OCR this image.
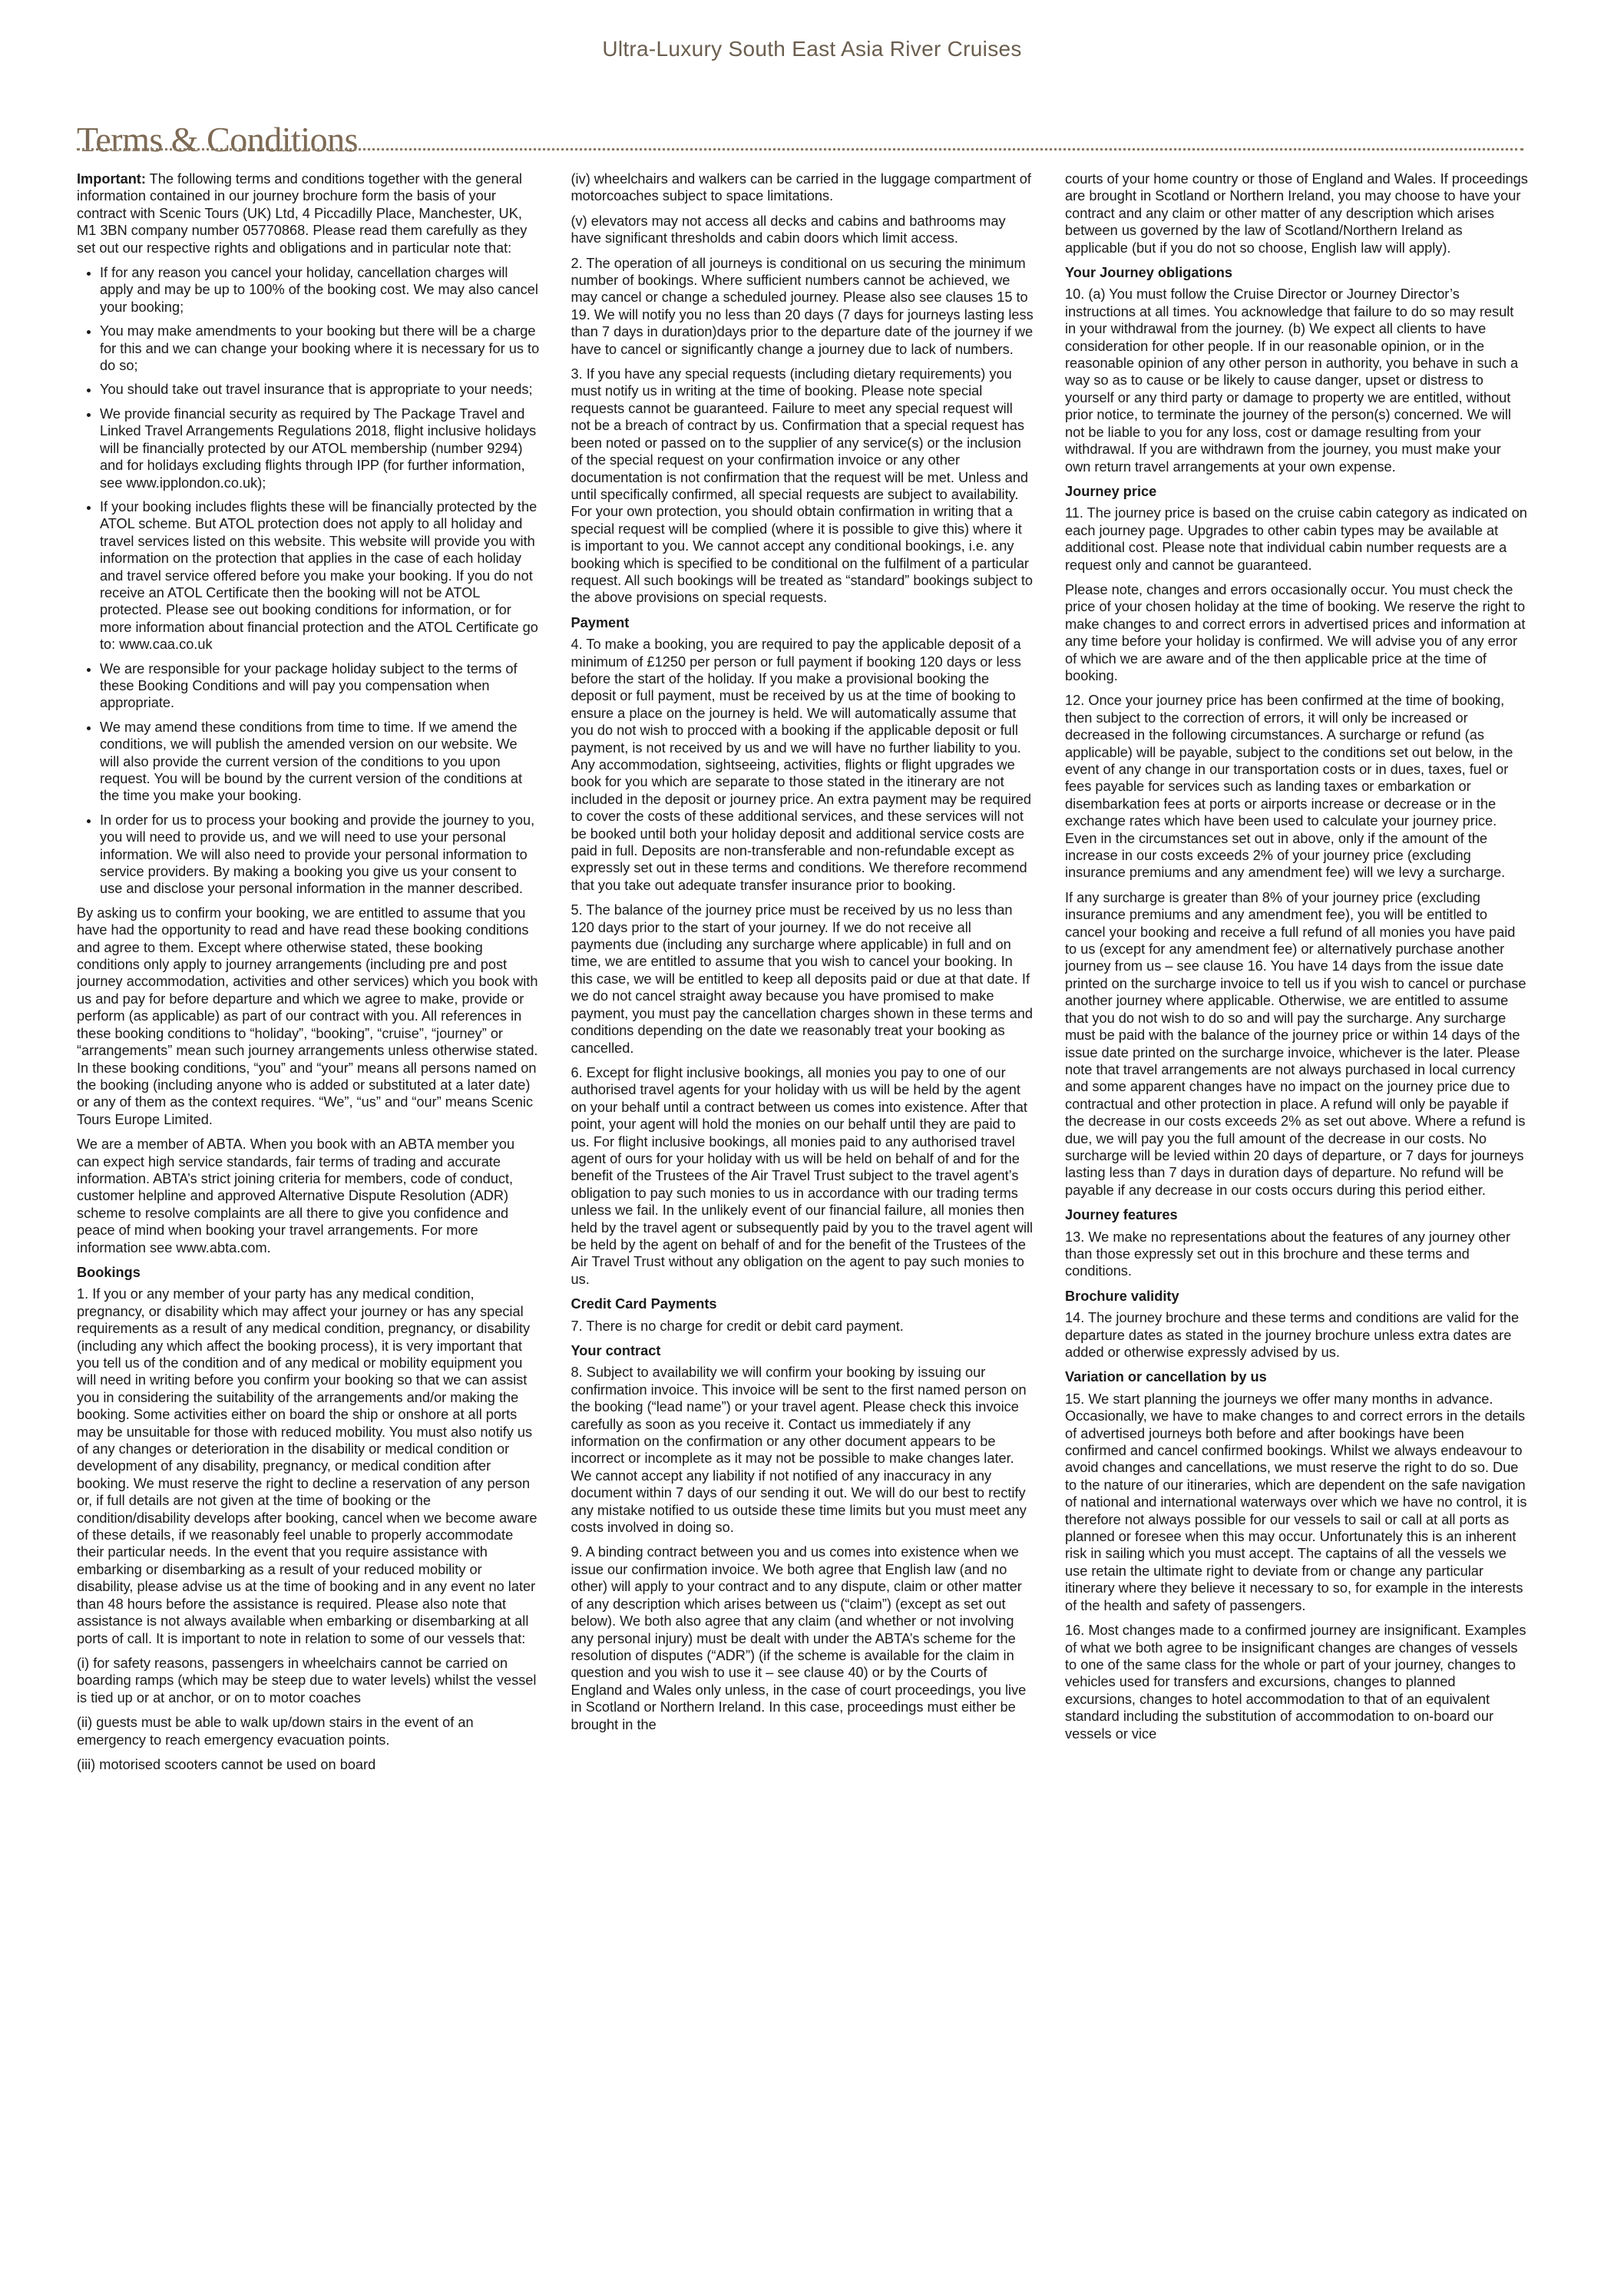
Ultra-Luxury South East Asia River Cruises
Terms & Conditions

Important: The following terms and conditions together with the general information contained in our journey brochure form the basis of your contract with Scenic Tours (UK) Ltd, 4 Piccadilly Place, Manchester, UK, M1 3BN company number 05770868. Please read them carefully as they set out our respective rights and obligations and in particular note that:

• If for any reason you cancel your holiday, cancellation charges will apply and may be up to 100% of the booking cost. We may also cancel your booking;
• You may make amendments to your booking but there will be a charge for this and we can change your booking where it is necessary for us to do so;
• You should take out travel insurance that is appropriate to your needs;
• We provide financial security as required by The Package Travel and Linked Travel Arrangements Regulations 2018, flight inclusive holidays will be financially protected by our ATOL membership (number 9294) and for holidays excluding flights through IPP (for further information, see www.ipplondon.co.uk);
• If your booking includes flights these will be financially protected by the ATOL scheme. But ATOL protection does not apply to all holiday and travel services listed on this website. This website will provide you with information on the protection that applies in the case of each holiday and travel service offered before you make your booking. If you do not receive an ATOL Certificate then the booking will not be ATOL protected. Please see out booking conditions for information, or for more information about financial protection and the ATOL Certificate go to: www.caa.co.uk
• We are responsible for your package holiday subject to the terms of these Booking Conditions and will pay you compensation when appropriate.
• We may amend these conditions from time to time. If we amend the conditions, we will publish the amended version on our website. We will also provide the current version of the conditions to you upon request. You will be bound by the current version of the conditions at the time you make your booking.
• In order for us to process your booking and provide the journey to you, you will need to provide us, and we will need to use your personal information. We will also need to provide your personal information to service providers. By making a booking you give us your consent to use and disclose your personal information in the manner described.

By asking us to confirm your booking, we are entitled to assume that you have had the opportunity to read and have read these booking conditions and agree to them. Except where otherwise stated, these booking conditions only apply to journey arrangements (including pre and post journey accommodation, activities and other services) which you book with us and pay for before departure and which we agree to make, provide or perform (as applicable) as part of our contract with you. All references in these booking conditions to “holiday”, “booking”, “cruise”, “journey” or “arrangements” mean such journey arrangements unless otherwise stated. In these booking conditions, “you” and “your” means all persons named on the booking (including anyone who is added or substituted at a later date) or any of them as the context requires. “We”, “us” and “our” means Scenic Tours Europe Limited.

We are a member of ABTA. When you book with an ABTA member you can expect high service standards, fair terms of trading and accurate information. ABTA’s strict joining criteria for members, code of conduct, customer helpline and approved Alternative Dispute Resolution (ADR) scheme to resolve complaints are all there to give you confidence and peace of mind when booking your travel arrangements. For more information see www.abta.com.

Bookings

1. If you or any member of your party has any medical condition, pregnancy, or disability which may affect your journey or has any special requirements as a result of any medical condition, pregnancy, or disability (including any which affect the booking process), it is very important that you tell us of the condition and of any medical or mobility equipment you will need in writing before you confirm your booking so that we can assist you in considering the suitability of the arrangements and/or making the booking. Some activities either on board the ship or onshore at all ports may be unsuitable for those with reduced mobility. You must also notify us of any changes or deterioration in the disability or medical condition or development of any disability, pregnancy, or medical condition after booking. We must reserve the right to decline a reservation of any person or, if full details are not given at the time of booking or the condition/disability develops after booking, cancel when we become aware of these details, if we reasonably feel unable to properly accommodate their particular needs. In the event that you require assistance with embarking or disembarking as a result of your reduced mobility or disability, please advise us at the time of booking and in any event no later than 48 hours before the assistance is required. Please also note that assistance is not always available when embarking or disembarking at all ports of call. It is important to note in relation to some of our vessels that:

(i) for safety reasons, passengers in wheelchairs cannot be carried on boarding ramps (which may be steep due to water levels) whilst the vessel is tied up or at anchor, or on to motor coaches

(ii) guests must be able to walk up/down stairs in the event of an emergency to reach emergency evacuation points.

(iii) motorised scooters cannot be used on board

(iv) wheelchairs and walkers can be carried in the luggage compartment of motorcoaches subject to space limitations.

(v) elevators may not access all decks and cabins and bathrooms may have significant thresholds and cabin doors which limit access.

2. The operation of all journeys is conditional on us securing the minimum number of bookings. Where sufficient numbers cannot be achieved, we may cancel or change a scheduled journey. Please also see clauses 15 to 19. We will notify you no less than 20 days (7 days for journeys lasting less than 7 days in duration)days prior to the departure date of the journey if we have to cancel or significantly change a journey due to lack of numbers.

3. If you have any special requests (including dietary requirements) you must notify us in writing at the time of booking. Please note special requests cannot be guaranteed. Failure to meet any special request will not be a breach of contract by us. Confirmation that a special request has been noted or passed on to the supplier of any service(s) or the inclusion of the special request on your confirmation invoice or any other documentation is not confirmation that the request will be met. Unless and until specifically confirmed, all special requests are subject to availability. For your own protection, you should obtain confirmation in writing that a special request will be complied (where it is possible to give this) where it is important to you. We cannot accept any conditional bookings, i.e. any booking which is specified to be conditional on the fulfilment of a particular request. All such bookings will be treated as “standard” bookings subject to the above provisions on special requests.

Payment

4. To make a booking, you are required to pay the applicable deposit of a minimum of £1250 per person or full payment if booking 120 days or less before the start of the holiday. If you make a provisional booking the deposit or full payment, must be received by us at the time of booking to ensure a place on the journey is held. We will automatically assume that you do not wish to procced with a booking if the applicable deposit or full payment, is not received by us and we will have no further liability to you. Any accommodation, sightseeing, activities, flights or flight upgrades we book for you which are separate to those stated in the itinerary are not included in the deposit or journey price. An extra payment may be required to cover the costs of these additional services, and these services will not be booked until both your holiday deposit and additional service costs are paid in full. Deposits are non-transferable and non-refundable except as expressly set out in these terms and conditions. We therefore recommend that you take out adequate transfer insurance prior to booking.

5. The balance of the journey price must be received by us no less than 120 days prior to the start of your journey. If we do not receive all payments due (including any surcharge where applicable) in full and on time, we are entitled to assume that you wish to cancel your booking. In this case, we will be entitled to keep all deposits paid or due at that date. If we do not cancel straight away because you have promised to make payment, you must pay the cancellation charges shown in these terms and conditions depending on the date we reasonably treat your booking as cancelled.

6. Except for flight inclusive bookings, all monies you pay to one of our authorised travel agents for your holiday with us will be held by the agent on your behalf until a contract between us comes into existence. After that point, your agent will hold the monies on our behalf until they are paid to us. For flight inclusive bookings, all monies paid to any authorised travel agent of ours for your holiday with us will be held on behalf of and for the benefit of the Trustees of the Air Travel Trust subject to the travel agent’s obligation to pay such monies to us in accordance with our trading terms unless we fail. In the unlikely event of our financial failure, all monies then held by the travel agent or subsequently paid by you to the travel agent will be held by the agent on behalf of and for the benefit of the Trustees of the Air Travel Trust without any obligation on the agent to pay such monies to us.

Credit Card Payments

7. There is no charge for credit or debit card payment.

Your contract

8. Subject to availability we will confirm your booking by issuing our confirmation invoice. This invoice will be sent to the first named person on the booking (“lead name”) or your travel agent. Please check this invoice carefully as soon as you receive it. Contact us immediately if any information on the confirmation or any other document appears to be incorrect or incomplete as it may not be possible to make changes later. We cannot accept any liability if not notified of any inaccuracy in any document within 7 days of our sending it out. We will do our best to rectify any mistake notified to us outside these time limits but you must meet any costs involved in doing so.

9. A binding contract between you and us comes into existence when we issue our confirmation invoice. We both agree that English law (and no other) will apply to your contract and to any dispute, claim or other matter of any description which arises between us (“claim”) (except as set out below). We both also agree that any claim (and whether or not involving any personal injury) must be dealt with under the ABTA’s scheme for the resolution of disputes (“ADR”) (if the scheme is available for the claim in question and you wish to use it – see clause 40) or by the Courts of England and Wales only unless, in the case of court proceedings, you live in Scotland or Northern Ireland. In this case, proceedings must either be brought in the

courts of your home country or those of England and Wales. If proceedings are brought in Scotland or Northern Ireland, you may choose to have your contract and any claim or other matter of any description which arises between us governed by the law of Scotland/Northern Ireland as applicable (but if you do not so choose, English law will apply).

Your Journey obligations

10. (a) You must follow the Cruise Director or Journey Director’s instructions at all times. You acknowledge that failure to do so may result in your withdrawal from the journey. (b) We expect all clients to have consideration for other people. If in our reasonable opinion, or in the reasonable opinion of any other person in authority, you behave in such a way so as to cause or be likely to cause danger, upset or distress to yourself or any third party or damage to property we are entitled, without prior notice, to terminate the journey of the person(s) concerned. We will not be liable to you for any loss, cost or damage resulting from your withdrawal. If you are withdrawn from the journey, you must make your own return travel arrangements at your own expense.

Journey price

11. The journey price is based on the cruise cabin category as indicated on each journey page. Upgrades to other cabin types may be available at additional cost. Please note that individual cabin number requests are a request only and cannot be guaranteed.

Please note, changes and errors occasionally occur. You must check the price of your chosen holiday at the time of booking. We reserve the right to make changes to and correct errors in advertised prices and information at any time before your holiday is confirmed. We will advise you of any error of which we are aware and of the then applicable price at the time of booking.

12. Once your journey price has been confirmed at the time of booking, then subject to the correction of errors, it will only be increased or decreased in the following circumstances. A surcharge or refund (as applicable) will be payable, subject to the conditions set out below, in the event of any change in our transportation costs or in dues, taxes, fuel or fees payable for services such as landing taxes or embarkation or disembarkation fees at ports or airports increase or decrease or in the exchange rates which have been used to calculate your journey price. Even in the circumstances set out in above, only if the amount of the increase in our costs exceeds 2% of your journey price (excluding insurance premiums and any amendment fee) will we levy a surcharge.

If any surcharge is greater than 8% of your journey price (excluding insurance premiums and any amendment fee), you will be entitled to cancel your booking and receive a full refund of all monies you have paid to us (except for any amendment fee) or alternatively purchase another journey from us – see clause 16. You have 14 days from the issue date printed on the surcharge invoice to tell us if you wish to cancel or purchase another journey where applicable. Otherwise, we are entitled to assume that you do not wish to do so and will pay the surcharge. Any surcharge must be paid with the balance of the journey price or within 14 days of the issue date printed on the surcharge invoice, whichever is the later. Please note that travel arrangements are not always purchased in local currency and some apparent changes have no impact on the journey price due to contractual and other protection in place. A refund will only be payable if the decrease in our costs exceeds 2% as set out above. Where a refund is due, we will pay you the full amount of the decrease in our costs. No surcharge will be levied within 20 days of departure, or 7 days for journeys lasting less than 7 days in duration days of departure. No refund will be payable if any decrease in our costs occurs during this period either.

Journey features

13. We make no representations about the features of any journey other than those expressly set out in this brochure and these terms and conditions.

Brochure validity

14. The journey brochure and these terms and conditions are valid for the departure dates as stated in the journey brochure unless extra dates are added or otherwise expressly advised by us.

Variation or cancellation by us

15. We start planning the journeys we offer many months in advance. Occasionally, we have to make changes to and correct errors in the details of advertised journeys both before and after bookings have been confirmed and cancel confirmed bookings. Whilst we always endeavour to avoid changes and cancellations, we must reserve the right to do so. Due to the nature of our itineraries, which are dependent on the safe navigation of national and international waterways over which we have no control, it is therefore not always possible for our vessels to sail or call at all ports as planned or foresee when this may occur. Unfortunately this is an inherent risk in sailing which you must accept. The captains of all the vessels we use retain the ultimate right to deviate from or change any particular itinerary where they believe it necessary to so, for example in the interests of the health and safety of passengers.

16. Most changes made to a confirmed journey are insignificant. Examples of what we both agree to be insignificant changes are changes of vessels to one of the same class for the whole or part of your journey, changes to vehicles used for transfers and excursions, changes to planned excursions, changes to hotel accommodation to that of an equivalent standard including the substitution of accommodation to on-board our vessels or vice
